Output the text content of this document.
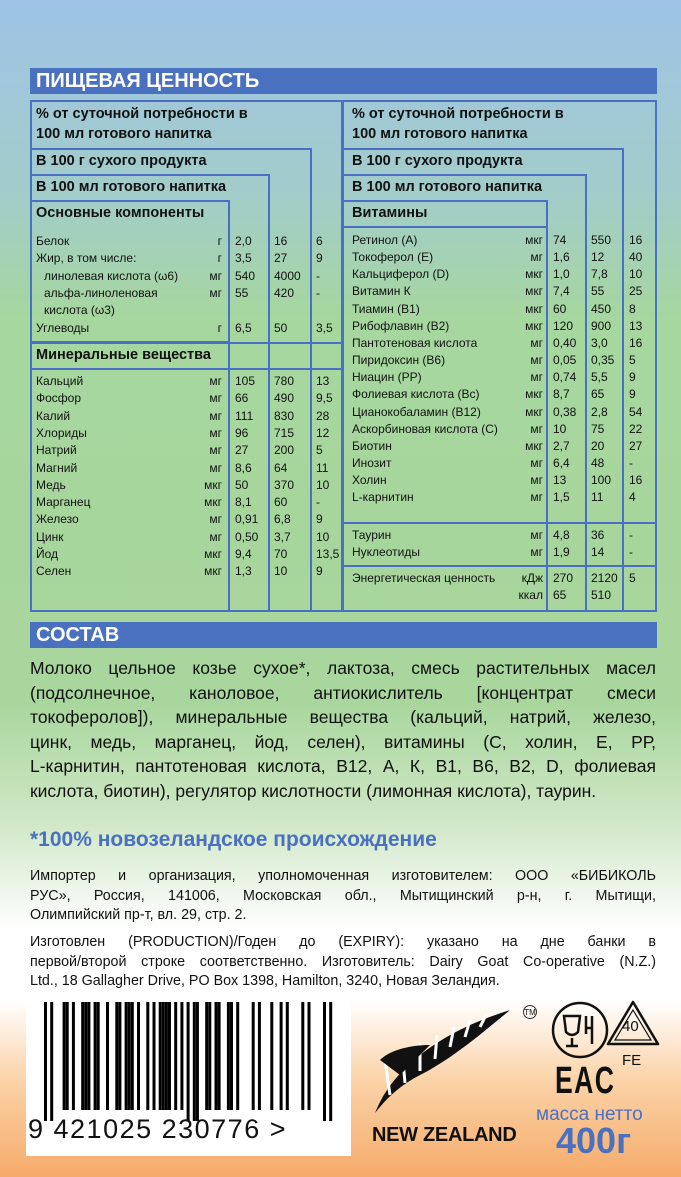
ПИЩЕВАЯ ЦЕННОСТЬ
% от суточной потребности в
100 мл готового напитка
В 100 г сухого продукта
В 100 мл готового напитка
Основные компоненты
Минеральные вещества
% от суточной потребности в
100 мл готового напитка
В 100 г сухого продукта
В 100 мл готового напитка
Витамины
Белок	г 2,0 16 6
Жир, в том числе:	г 3,5 27 9
линолевая кислота (ω6)	мг 540 4000 -
альфа-линоленовая	мг 55 420 -
кислота (ω3)
Углеводы	г 6,5 50 3,5
Кальций	мг 105 780 13
Фосфор	мг 66 490 9,5
Калий	мг 111 830 28
Хлориды	мг 96 715 12
Натрий	мг 27 200 5
Магний	мг 8,6 64 11
Медь	мкг 50 370 10
Марганец	мкг 8,1 60 -
Железо	мг 0,91 6,8 9
Цинк	мг 0,50 3,7 10
Йод	мкг 9,4 70 13,5
Селен	мкг 1,3 10 9
Ретинол (А)	мкг 74 550 16
Токоферол (Е)	мг 1,6 12 40
Кальциферол (D)	мкг 1,0 7,8 10
Витамин К	мкг 7,4 55 25
Тиамин (В1)	мкг 60 450 8
Рибофлавин (В2)	мкг 120 900 13
Пантотеновая кислота	мг 0,40 3,0 16
Пиридоксин (В6)	мг 0,05 0,35 5
Ниацин (РР)	мг 0,74 5,5 9
Фолиевая кислота (Вс)	мкг 8,7 65 9
Цианокобаламин (В12)	мкг 0,38 2,8 54
Аскорбиновая кислота (С)	мг 10 75 22
Биотин	мкг 2,7 20 27
Инозит	мг 6,4 48 -
Холин	мг 13 100 16
L-карнитин	мг 1,5 11 4
Таурин	мг 4,8 36 -
Нуклеотиды	мг 1,9 14 -
Энергетическая ценность кДж 270 2120 5
ккал 65 510
СОСТАВ
Молоко цельное козье сухое*, лактоза, смесь растительных масел
(подсолнечное, каноловое, антиокислитель [концентрат смеси
токоферолов]), минеральные вещества (кальций, натрий, железо,
цинк, медь, марганец, йод, селен), витамины (С, холин, Е, РР,
L-карнитин, пантотеновая кислота, В12, А, К, В1, В6, В2, D, фолиевая
кислота, биотин), регулятор кислотности (лимонная кислота), таурин.
*100% новозеландское происхождение
Импортер и организация, уполномоченная изготовителем: ООО «БИБИКОЛЬ
РУС», Россия, 141006, Московская обл., Мытищинский р-н, г. Мытищи,
Олимпийский пр-т, вл. 29, стр. 2.
Изготовлен (PRODUCTION)/Годен до (EXPIRY): указано на дне банки в
первой/второй строке соответственно. Изготовитель: Dairy Goat Co-operative (N.Z.)
Ltd., 18 Gallagher Drive, PO Box 1398, Hamilton, 3240, Новая Зеландия.
9 421025 230776 >
TM
NEW ZEALAND
40
FE
EAC
масса нетто
400г
